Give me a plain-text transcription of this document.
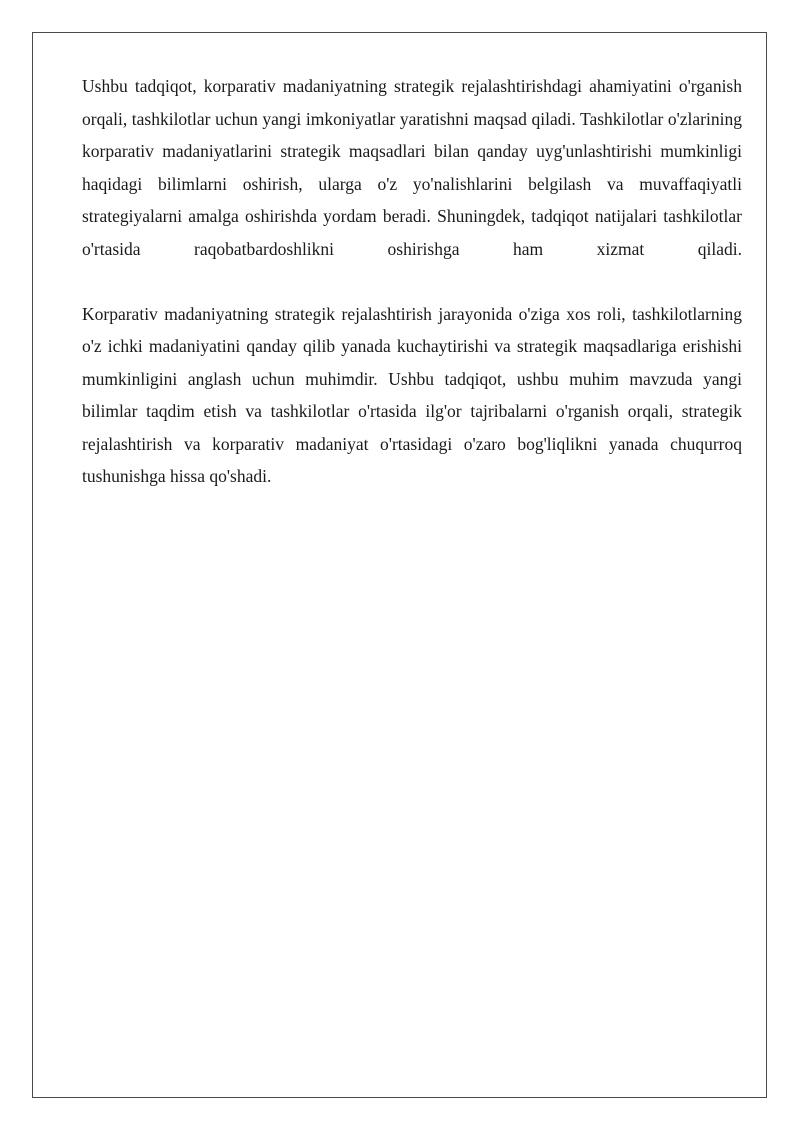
Ushbu tadqiqot, korparativ madaniyatning strategik rejalashtirishdagi ahamiyatini o'rganish orqali, tashkilotlar uchun yangi imkoniyatlar yaratishni maqsad qiladi. Tashkilotlar o'zlarining korparativ madaniyatlarini strategik maqsadlari bilan qanday uyg'unlashtirishi mumkinligi haqidagi bilimlarni oshirish, ularga o'z yo'nalishlarini belgilash va muvaffaqiyatli strategiyalarni amalga oshirishda yordam beradi. Shuningdek, tadqiqot natijalari tashkilotlar o'rtasida raqobatbardoshlikni oshirishga ham xizmat qiladi.

Korparativ madaniyatning strategik rejalashtirish jarayonida o'ziga xos roli, tashkilotlarning o'z ichki madaniyatini qanday qilib yanada kuchaytirishi va strategik maqsadlariga erishishi mumkinligini anglash uchun muhimdir. Ushbu tadqiqot, ushbu muhim mavzuda yangi bilimlar taqdim etish va tashkilotlar o'rtasida ilg'or tajribalarni o'rganish orqali, strategik rejalashtirish va korparativ madaniyat o'rtasidagi o'zaro bog'liqlikni yanada chuqurroq tushunishga hissa qo'shadi.
